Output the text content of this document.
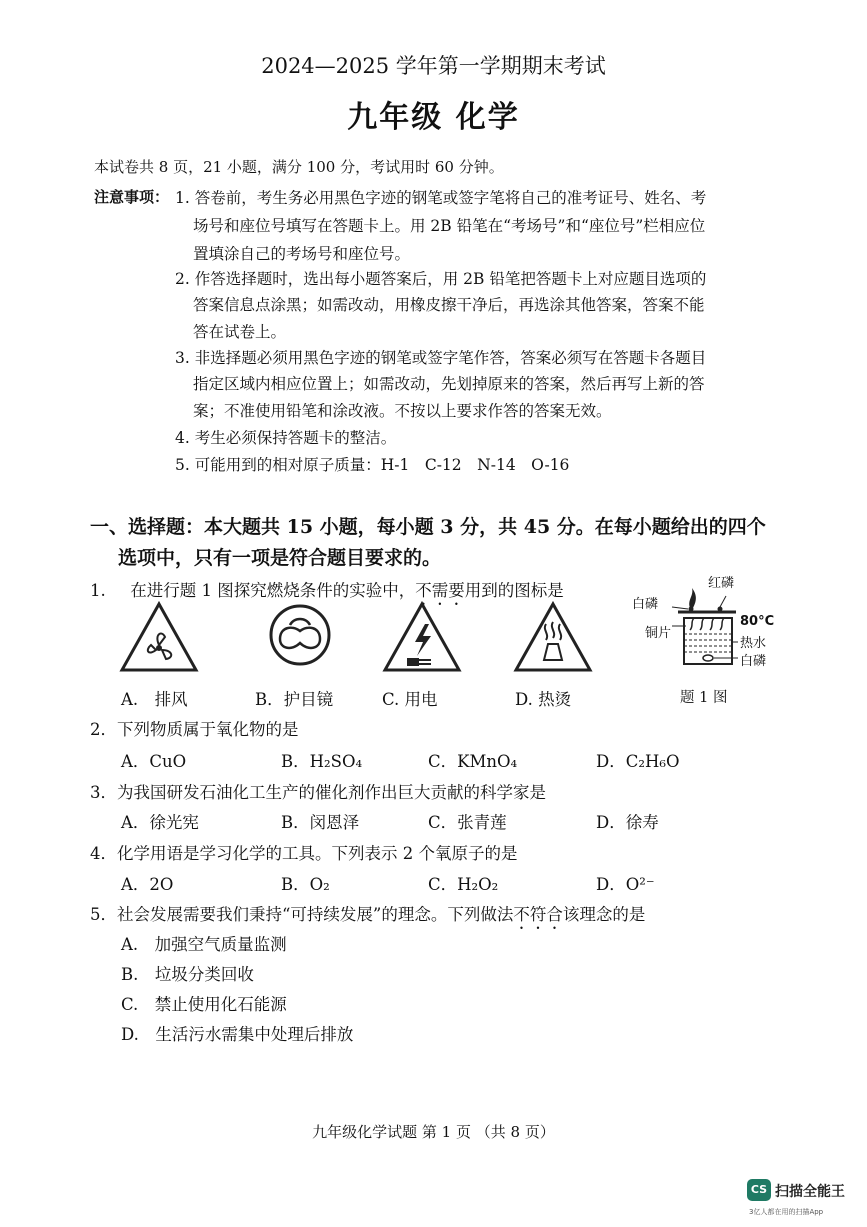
2024—2025 学年第一学期期末考试
九年级 化学
本试卷共 8 页，21 小题，满分 100 分，考试用时 60 分钟。
注意事项： 1. 答卷前，考生务必用黑色字迹的钢笔或签字笔将自己的准考证号、姓名、考
场号和座位号填写在答题卡上。用 2B 铅笔在“考场号”和“座位号”栏相应位
置填涂自己的考场号和座位号。
2. 作答选择题时，选出每小题答案后，用 2B 铅笔把答题卡上对应题目选项的
答案信息点涂黑；如需改动，用橡皮擦干净后，再选涂其他答案，答案不能
答在试卷上。
3. 非选择题必须用黑色字迹的钢笔或签字笔作答，答案必须写在答题卡各题目
指定区域内相应位置上；如需改动，先划掉原来的答案，然后再写上新的答
案；不准使用铅笔和涂改液。不按以上要求作答的答案无效。
4. 考生必须保持答题卡的整洁。
5. 可能用到的相对原子质量：H-1　C-12　N-14　O-16
一、选择题：本大题共 15 小题，每小题 3 分，共 45 分。在每小题给出的四个
选项中，只有一项是符合题目要求的。
1. 在进行题 1 图探究燃烧条件的实验中，不需要用到的图标是	红磷
白磷
铜片
80°C
热水
白磷
A.　排风	B．护目镜	C. 用电	D. 热烫	题 1 图
2．下列物质属于氧化物的是
A．CuO	B．H₂SO₄	C．KMnO₄	D．C₂H₆O
3．为我国研发石油化工生产的催化剂作出巨大贡献的科学家是
A．徐光宪	B．闵恩泽	C．张青莲	D．徐寿
4．化学用语是学习化学的工具。下列表示 2 个氧原子的是
A．2O	B．O₂	C．H₂O₂	D．O²⁻
5．社会发展需要我们秉持“可持续发展”的理念。下列做法不符合该理念的是
A.　加强空气质量监测
B.　垃圾分类回收
C.　禁止使用化石能源
D.　生活污水需集中处理后排放
九年级化学试题 第 1 页 （共 8 页）
CS 扫描全能王
3亿人都在用的扫描App
